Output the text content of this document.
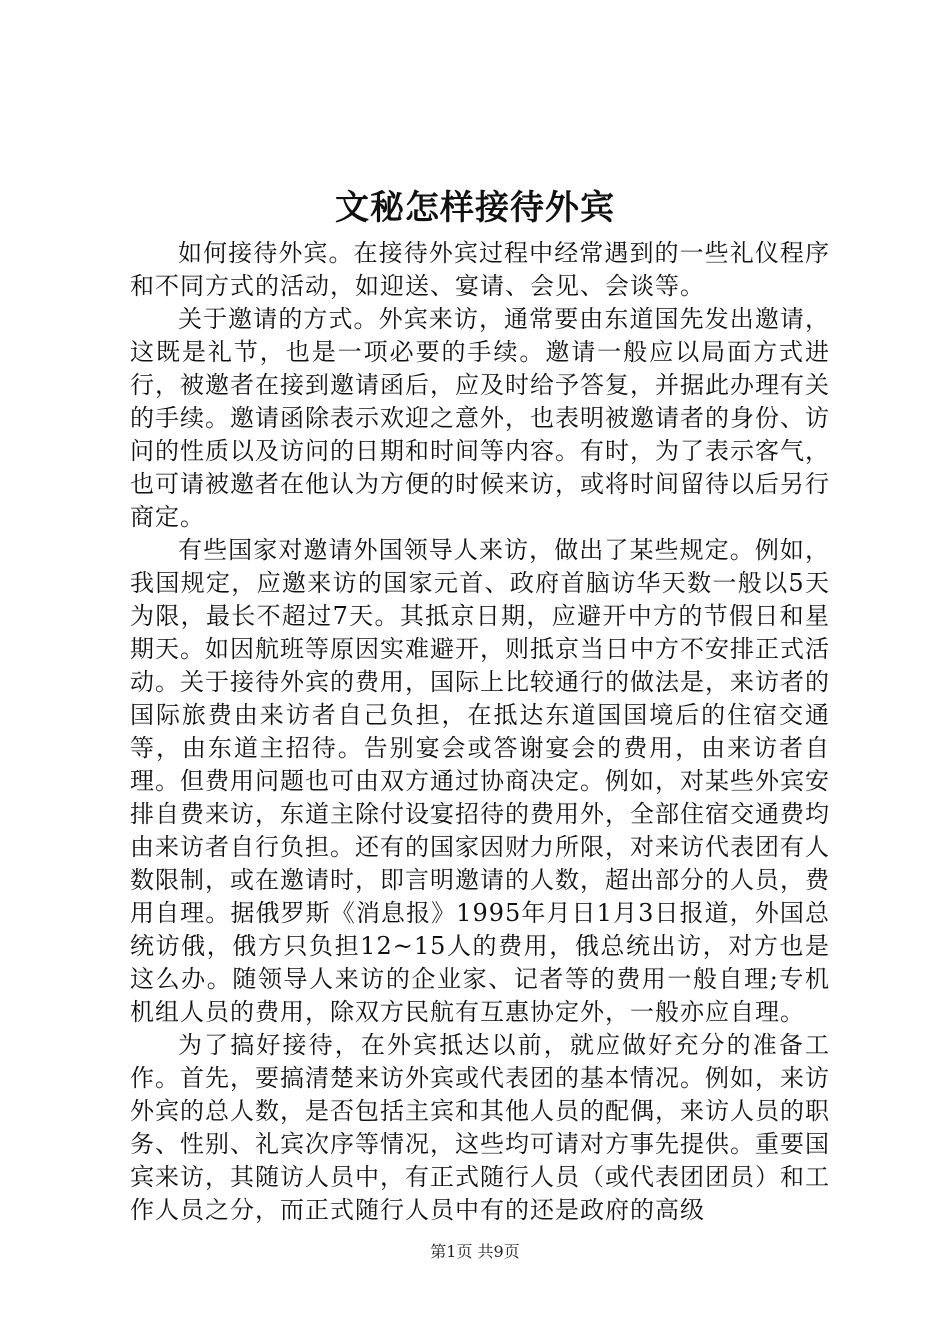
文秘怎样接待外宾

如何接待外宾。在接待外宾过程中经常遇到的一些礼仪程序和不同方式的活动，如迎送、宴请、会见、会谈等。

关于邀请的方式。外宾来访，通常要由东道国先发出邀请，这既是礼节，也是一项必要的手续。邀请一般应以局面方式进行，被邀者在接到邀请函后，应及时给予答复，并据此办理有关的手续。邀请函除表示欢迎之意外，也表明被邀请者的身份、访问的性质以及访问的日期和时间等内容。有时，为了表示客气，也可请被邀者在他认为方便的时候来访，或将时间留待以后另行商定。

有些国家对邀请外国领导人来访，做出了某些规定。例如，我国规定，应邀来访的国家元首、政府首脑访华天数一般以5天为限，最长不超过7天。其抵京日期，应避开中方的节假日和星期天。如因航班等原因实难避开，则抵京当日中方不安排正式活动。关于接待外宾的费用，国际上比较通行的做法是，来访者的国际旅费由来访者自己负担，在抵达东道国国境后的住宿交通等，由东道主招待。告别宴会或答谢宴会的费用，由来访者自理。但费用问题也可由双方通过协商决定。例如，对某些外宾安排自费来访，东道主除付设宴招待的费用外，全部住宿交通费均由来访者自行负担。还有的国家因财力所限，对来访代表团有人数限制，或在邀请时，即言明邀请的人数，超出部分的人员，费用自理。据俄罗斯《消息报》1995年月日1月3日报道，外国总统访俄，俄方只负担12~15人的费用，俄总统出访，对方也是这么办。随领导人来访的企业家、记者等的费用一般自理;专机机组人员的费用，除双方民航有互惠协定外，一般亦应自理。

为了搞好接待，在外宾抵达以前，就应做好充分的准备工作。首先，要搞清楚来访外宾或代表团的基本情况。例如，来访外宾的总人数，是否包括主宾和其他人员的配偶，来访人员的职务、性别、礼宾次序等情况，这些均可请对方事先提供。重要国宾来访，其随访人员中，有正式随行人员（或代表团团员）和工作人员之分，而正式随行人员中有的还是政府的高级

第1页 共9页
